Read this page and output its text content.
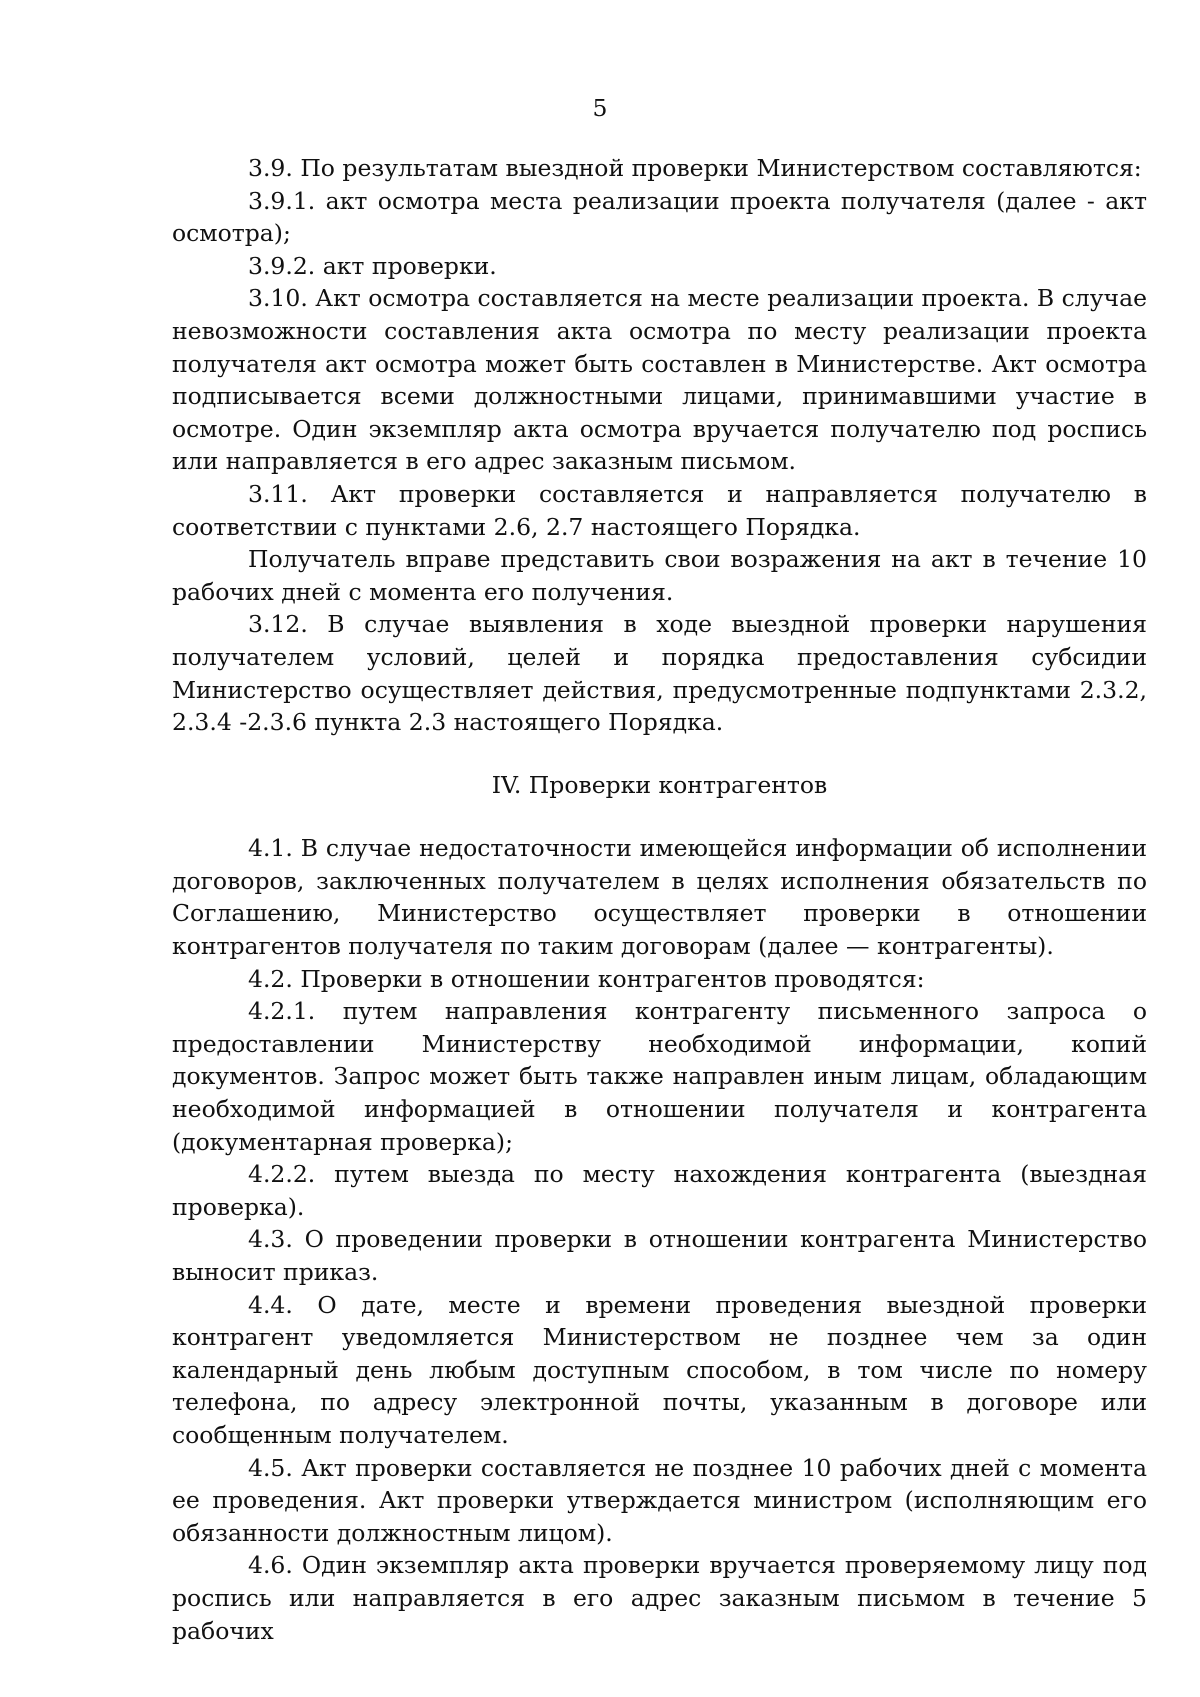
5

3.9. По результатам выездной проверки Министерством составляются:

3.9.1. акт осмотра места реализации проекта получателя (далее - акт осмотра);

3.9.2. акт проверки.

3.10. Акт осмотра составляется на месте реализации проекта. В случае невозможности составления акта осмотра по месту реализации проекта получателя акт осмотра может быть составлен в Министерстве. Акт осмотра подписывается всеми должностными лицами, принимавшими участие в осмотре. Один экземпляр акта осмотра вручается получателю под роспись или направляется в его адрес заказным письмом.

3.11. Акт проверки составляется и направляется получателю в соответствии с пунктами 2.6, 2.7 настоящего Порядка.

Получатель вправе представить свои возражения на акт в течение 10 рабочих дней с момента его получения.

3.12. В случае выявления в ходе выездной проверки нарушения получателем условий, целей и порядка предоставления субсидии Министерство осуществляет действия, предусмотренные подпунктами 2.3.2, 2.3.4 -2.3.6 пункта 2.3 настоящего Порядка.

IV. Проверки контрагентов

4.1. В случае недостаточности имеющейся информации об исполнении договоров, заключенных получателем в целях исполнения обязательств по Соглашению, Министерство осуществляет проверки в отношении контрагентов получателя по таким договорам (далее — контрагенты).

4.2. Проверки в отношении контрагентов проводятся:

4.2.1. путем направления контрагенту письменного запроса о предоставлении Министерству необходимой информации, копий документов. Запрос может быть также направлен иным лицам, обладающим необходимой информацией в отношении получателя и контрагента (документарная проверка);

4.2.2. путем выезда по месту нахождения контрагента (выездная проверка).

4.3. О проведении проверки в отношении контрагента Министерство выносит приказ.

4.4. О дате, месте и времени проведения выездной проверки контрагент уведомляется Министерством не позднее чем за один календарный день любым доступным способом, в том числе по номеру телефона, по адресу электронной почты, указанным в договоре или сообщенным получателем.

4.5. Акт проверки составляется не позднее 10 рабочих дней с момента ее проведения. Акт проверки утверждается министром (исполняющим его обязанности должностным лицом).

4.6. Один экземпляр акта проверки вручается проверяемому лицу под роспись или направляется в его адрес заказным письмом в течение 5 рабочих
